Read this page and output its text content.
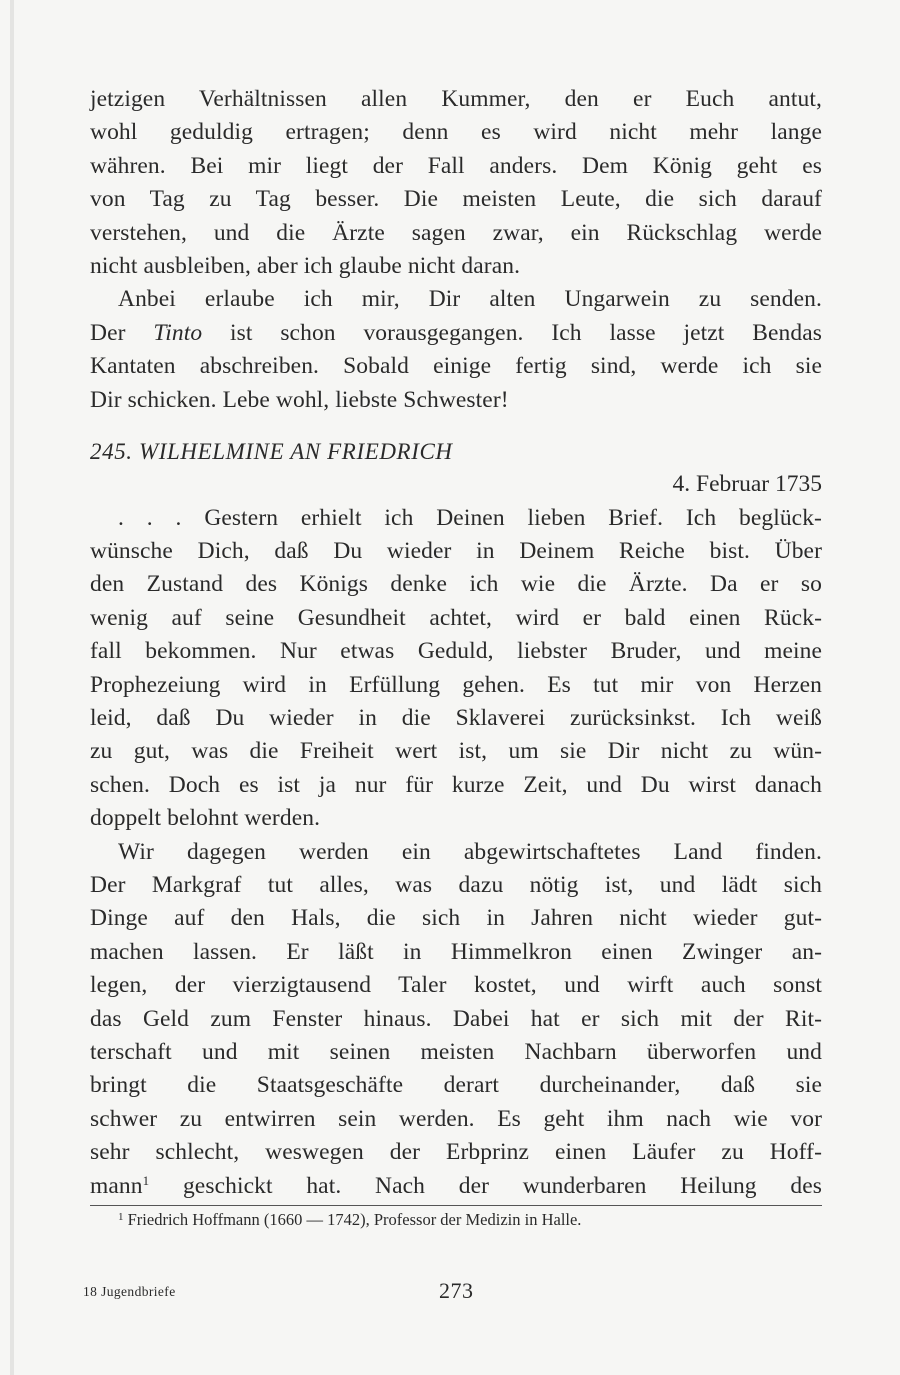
jetzigen Verhältnissen allen Kummer, den er Euch antut,
wohl geduldig ertragen; denn es wird nicht mehr lange
währen. Bei mir liegt der Fall anders. Dem König geht es
von Tag zu Tag besser. Die meisten Leute, die sich darauf
verstehen, und die Ärzte sagen zwar, ein Rückschlag werde
nicht ausbleiben, aber ich glaube nicht daran.
Anbei erlaube ich mir, Dir alten Ungarwein zu senden.
Der Tinto ist schon vorausgegangen. Ich lasse jetzt Bendas
Kantaten abschreiben. Sobald einige fertig sind, werde ich sie
Dir schicken. Lebe wohl, liebste Schwester!
245. WILHELMINE AN FRIEDRICH
4. Februar 1735
. . . Gestern erhielt ich Deinen lieben Brief. Ich beglück-
wünsche Dich, daß Du wieder in Deinem Reiche bist. Über
den Zustand des Königs denke ich wie die Ärzte. Da er so
wenig auf seine Gesundheit achtet, wird er bald einen Rück-
fall bekommen. Nur etwas Geduld, liebster Bruder, und meine
Prophezeiung wird in Erfüllung gehen. Es tut mir von Herzen
leid, daß Du wieder in die Sklaverei zurücksinkst. Ich weiß
zu gut, was die Freiheit wert ist, um sie Dir nicht zu wün-
schen. Doch es ist ja nur für kurze Zeit, und Du wirst danach
doppelt belohnt werden.
Wir dagegen werden ein abgewirtschaftetes Land finden.
Der Markgraf tut alles, was dazu nötig ist, und lädt sich
Dinge auf den Hals, die sich in Jahren nicht wieder gut-
machen lassen. Er läßt in Himmelkron einen Zwinger an-
legen, der vierzigtausend Taler kostet, und wirft auch sonst
das Geld zum Fenster hinaus. Dabei hat er sich mit der Rit-
terschaft und mit seinen meisten Nachbarn überworfen und
bringt die Staatsgeschäfte derart durcheinander, daß sie
schwer zu entwirren sein werden. Es geht ihm nach wie vor
sehr schlecht, weswegen der Erbprinz einen Läufer zu Hoff-
mann$^1$ geschickt hat. Nach der wunderbaren Heilung des
$^1$ Friedrich Hoffmann (1660 — 1742), Professor der Medizin in Halle.
18 Jugendbriefe	273
